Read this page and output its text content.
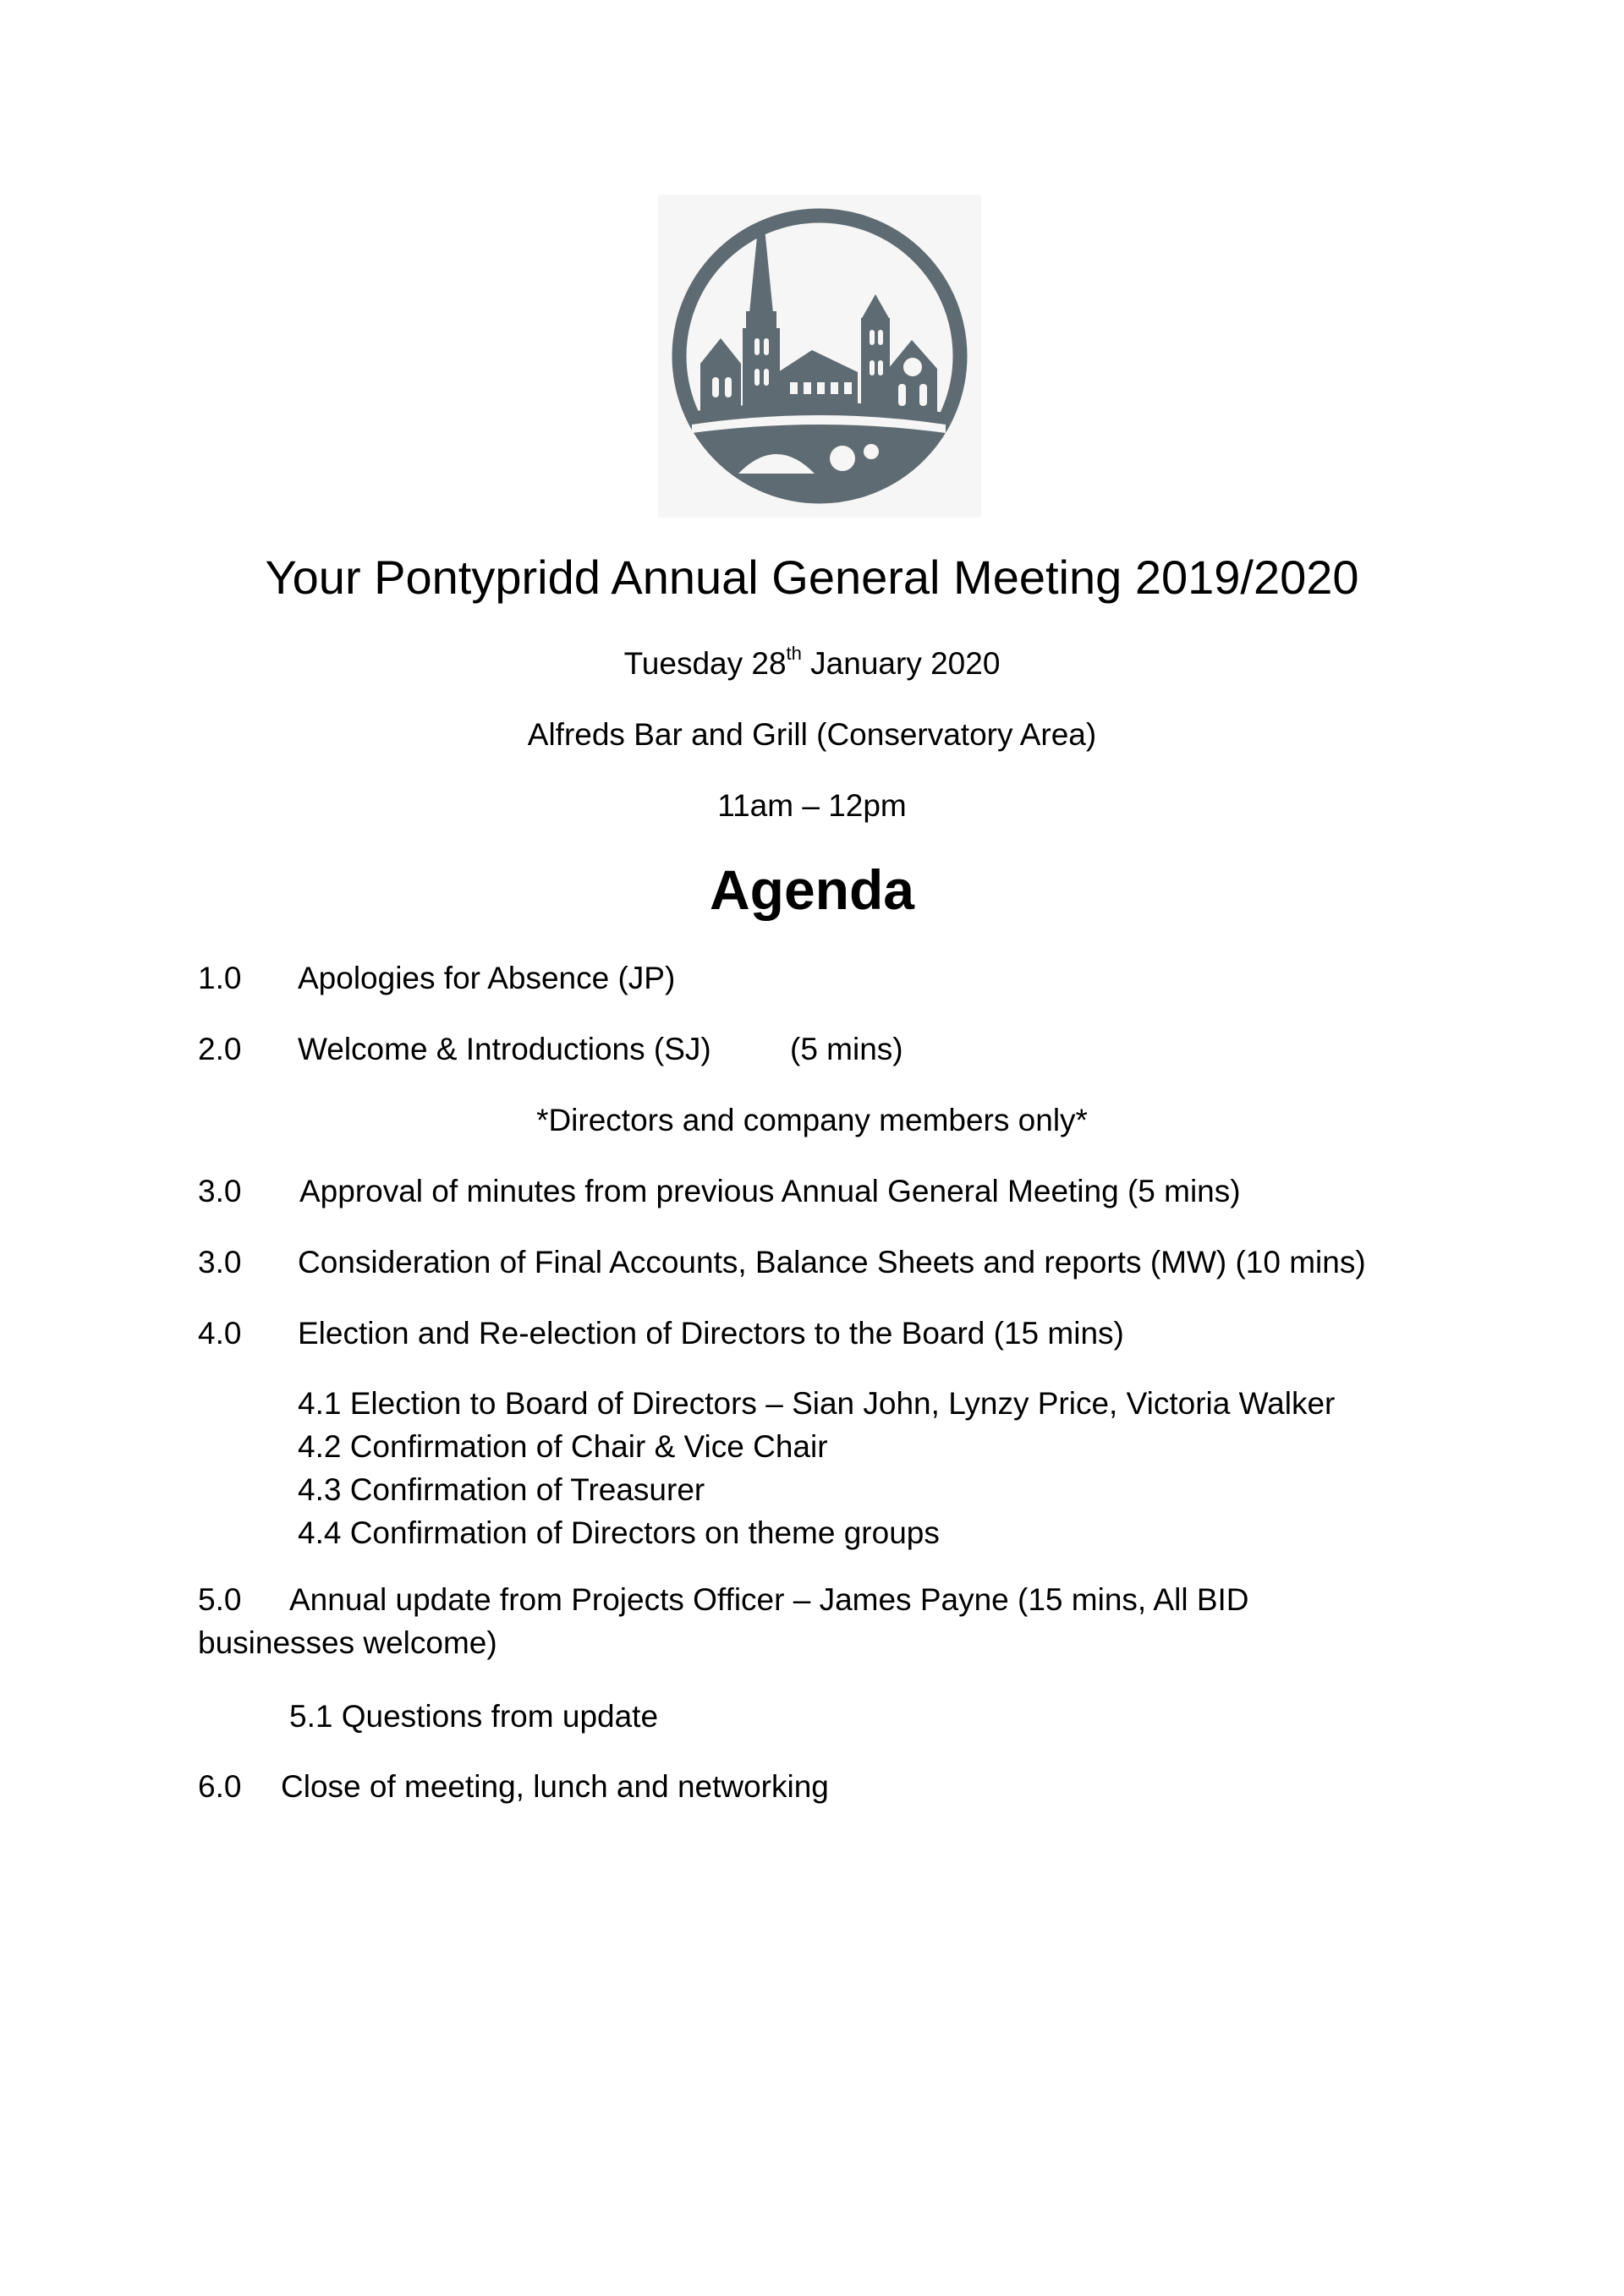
Your Pontypridd Annual General Meeting 2019/2020
Tuesday 28th January 2020
Alfreds Bar and Grill (Conservatory Area)
11am – 12pm
Agenda
1.0 Apologies for Absence (JP)
2.0 Welcome & Introductions (SJ)	(5 mins)
*Directors and company members only*
3.0 Approval of minutes from previous Annual General Meeting (5 mins)
3.0 Consideration of Final Accounts, Balance Sheets and reports (MW) (10 mins)
4.0 Election and Re-election of Directors to the Board (15 mins)
4.1 Election to Board of Directors – Sian John, Lynzy Price, Victoria Walker
4.2 Confirmation of Chair & Vice Chair
4.3 Confirmation of Treasurer
4.4 Confirmation of Directors on theme groups
5.0 Annual update from Projects Officer – James Payne (15 mins, All BID businesses welcome)
5.1 Questions from update
6.0 Close of meeting, lunch and networking
